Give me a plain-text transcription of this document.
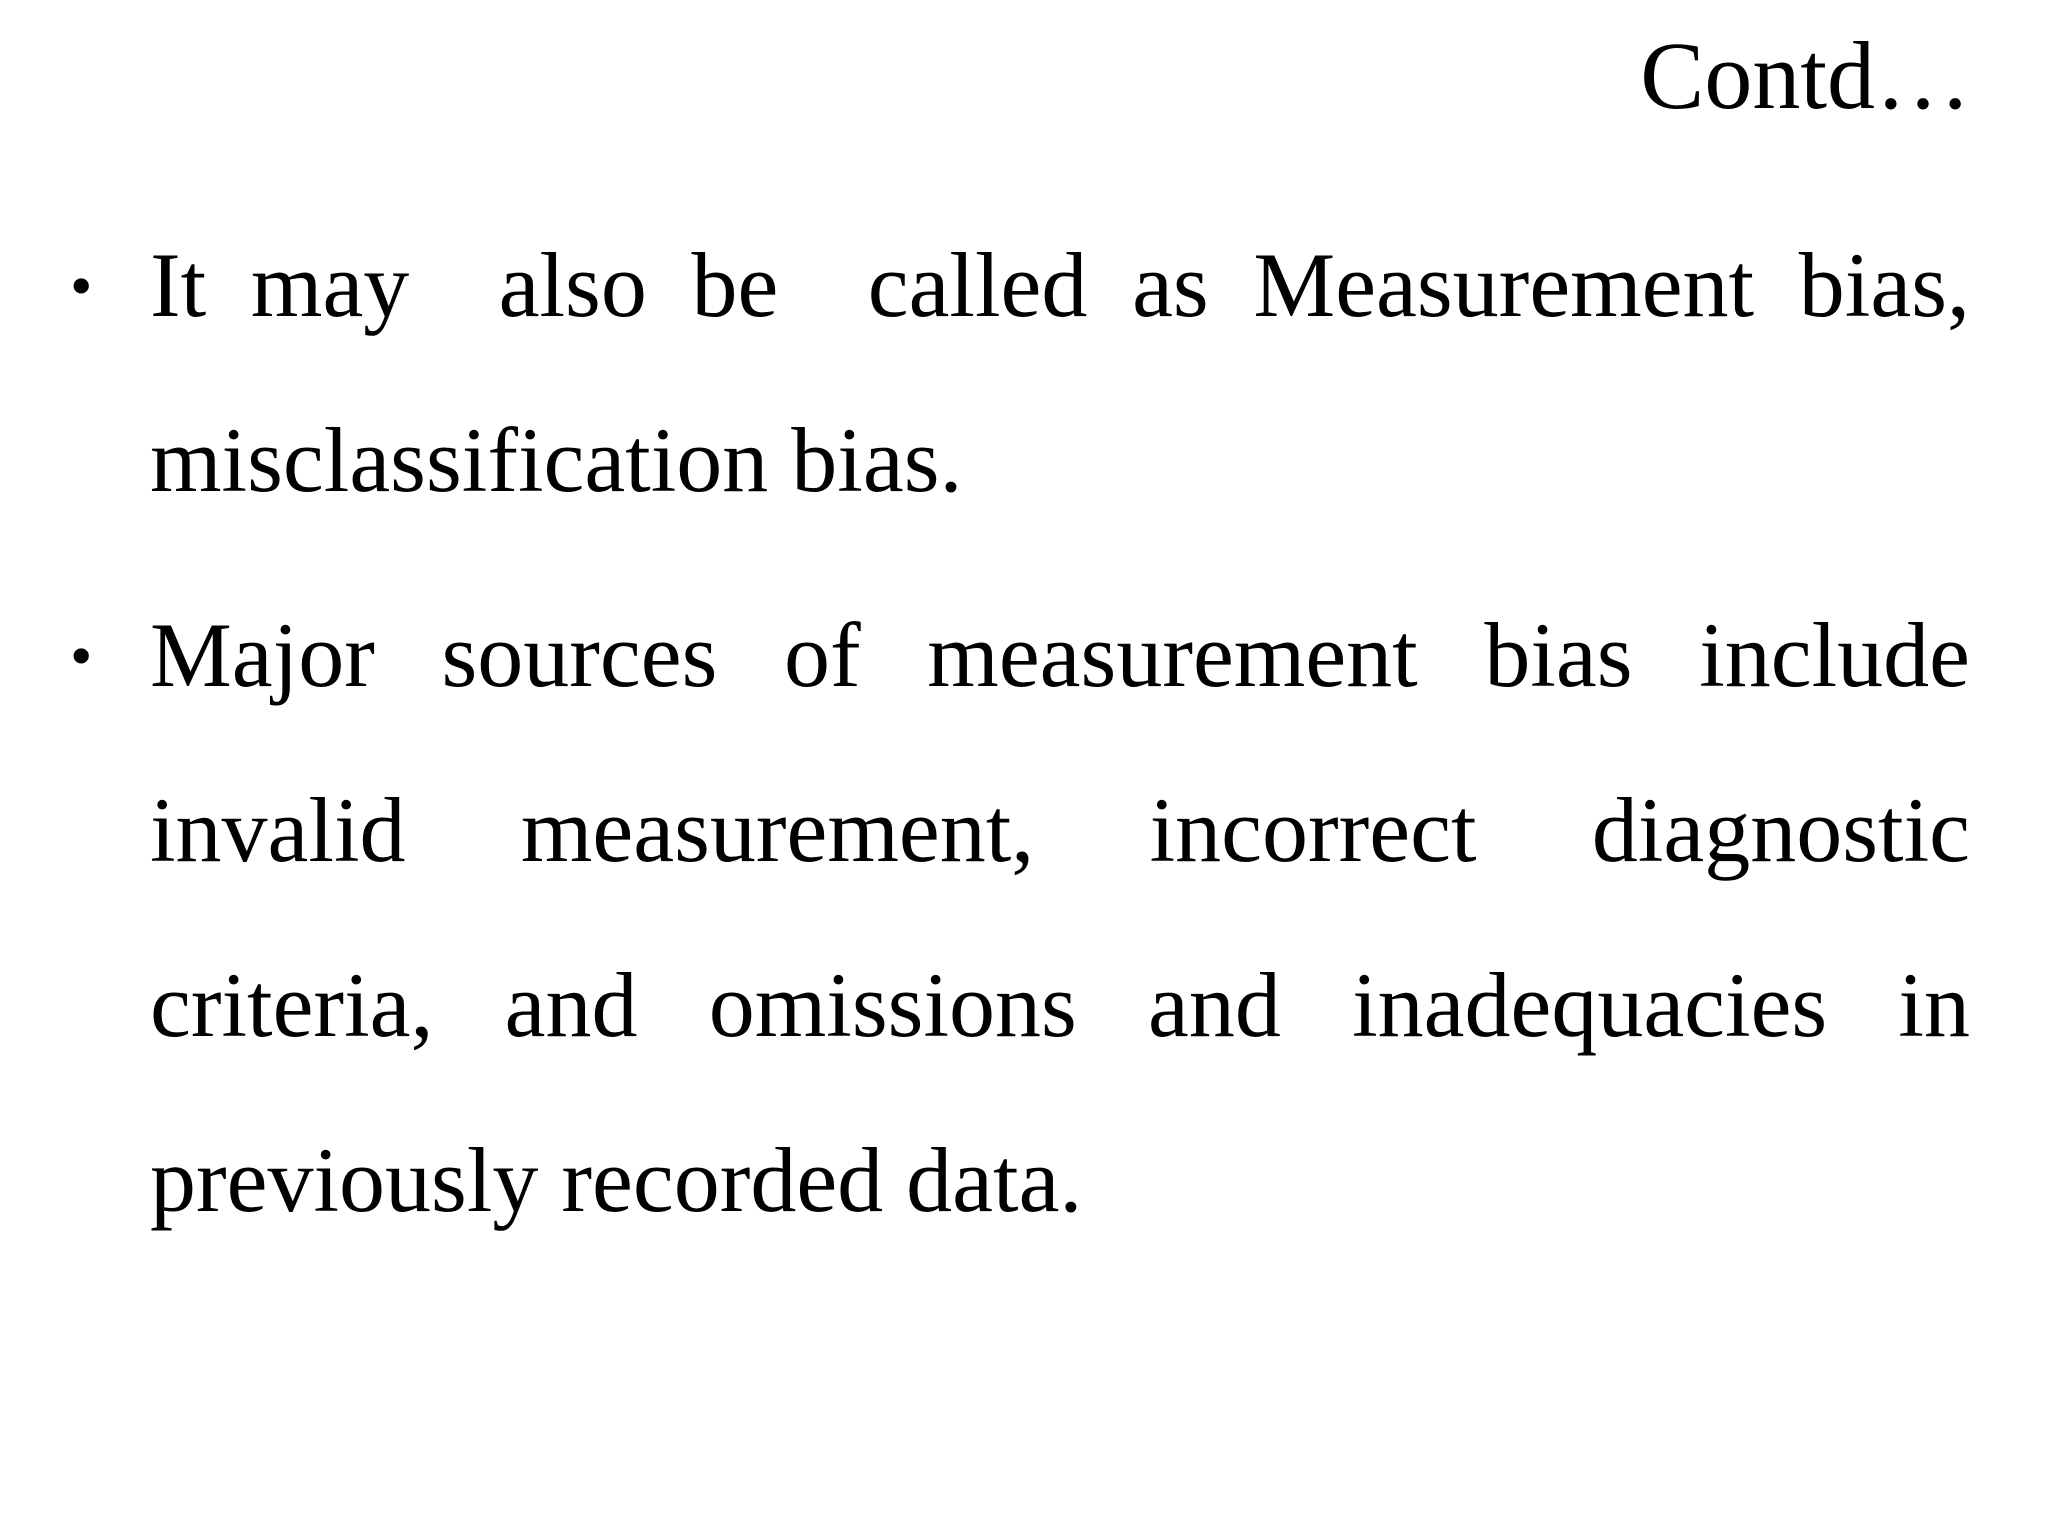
Contd…
• It may  also be  called as Measurement bias, misclassification bias.
• Major sources of measurement bias include invalid measurement, incorrect diagnostic criteria, and omissions and inadequacies in previously recorded data.
